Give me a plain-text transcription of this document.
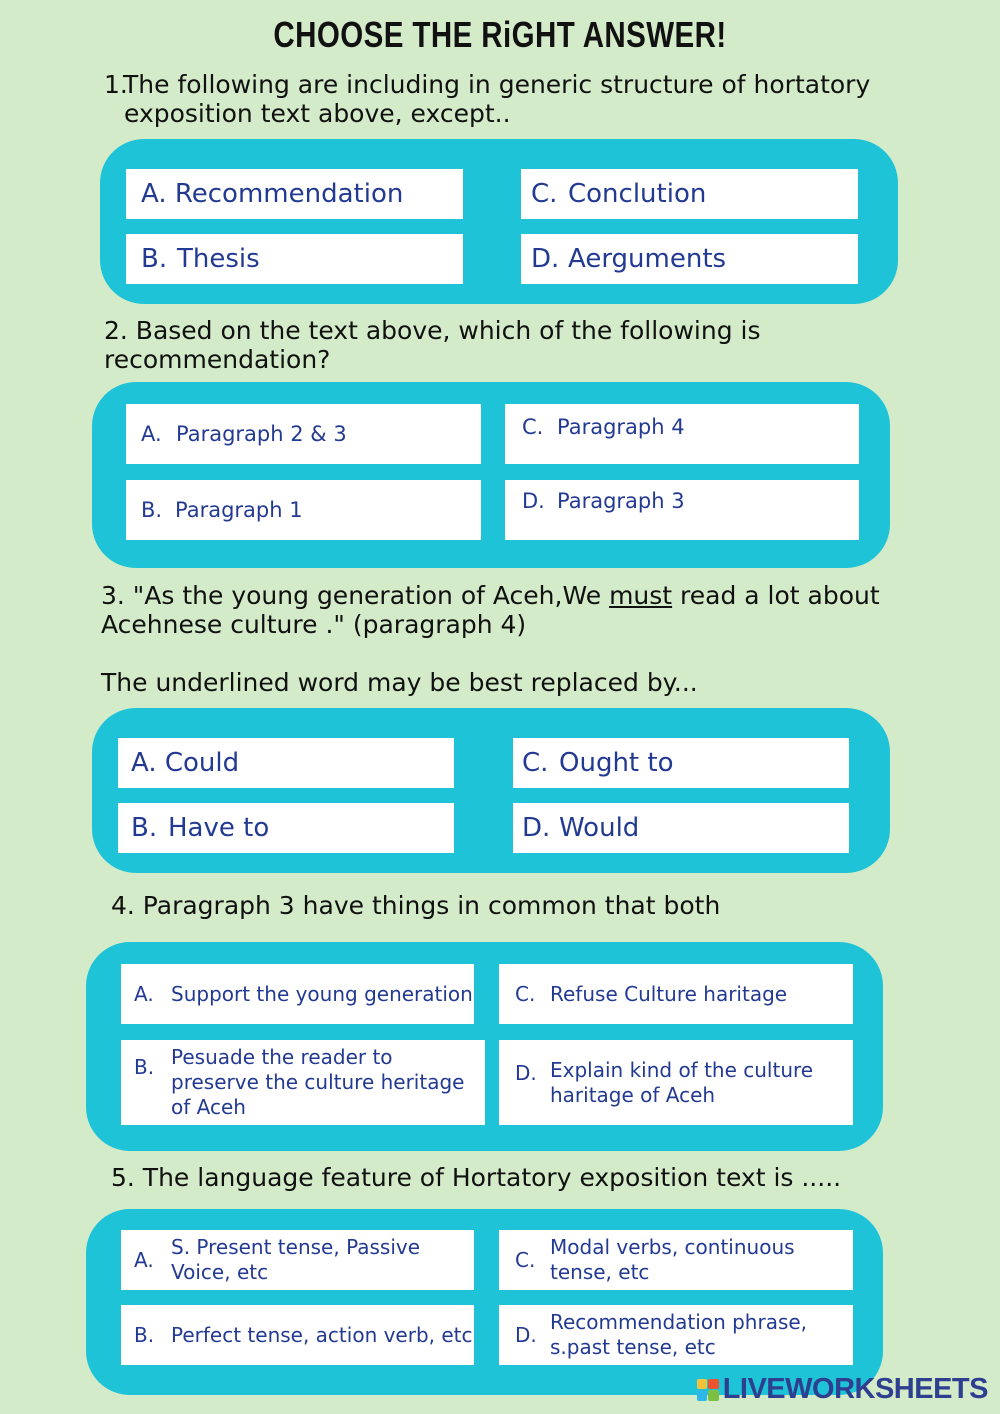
CHOOSE THE RiGHT ANSWER!
1.The following are including in generic structure of hortatory
exposition text above, except..
A.
Recommendation
B. Thesis
C. Conclution
D. Aerguments
2. Based on the text above, which of the following is
recommendation?
A. Paragraph 2 & 3
B. Paragraph 1
C. Paragraph 4
D. Paragraph 3
3. "As the young generation of Aceh,We must read a lot about
Acehnese culture ." (paragraph 4)
The underlined word may be best replaced by...
A.
Could
B. Have to
C. Ought to
D. Would
4. Paragraph 3 have things in common that both
A. Support the young generation
B. Pesuade the reader to preserve the culture heritage of Aceh
C. Refuse Culture haritage
D. Explain kind of the culture haritage of Aceh
5. The language feature of Hortatory exposition text is .....
A.
S. Present tense, Passive Voice, etc
B. Perfect tense, action verb, etc
C.
Modal verbs, continuous tense, etc
D.
Recommendation phrase, s.past tense, etc
LIVEWORKSHEETS
